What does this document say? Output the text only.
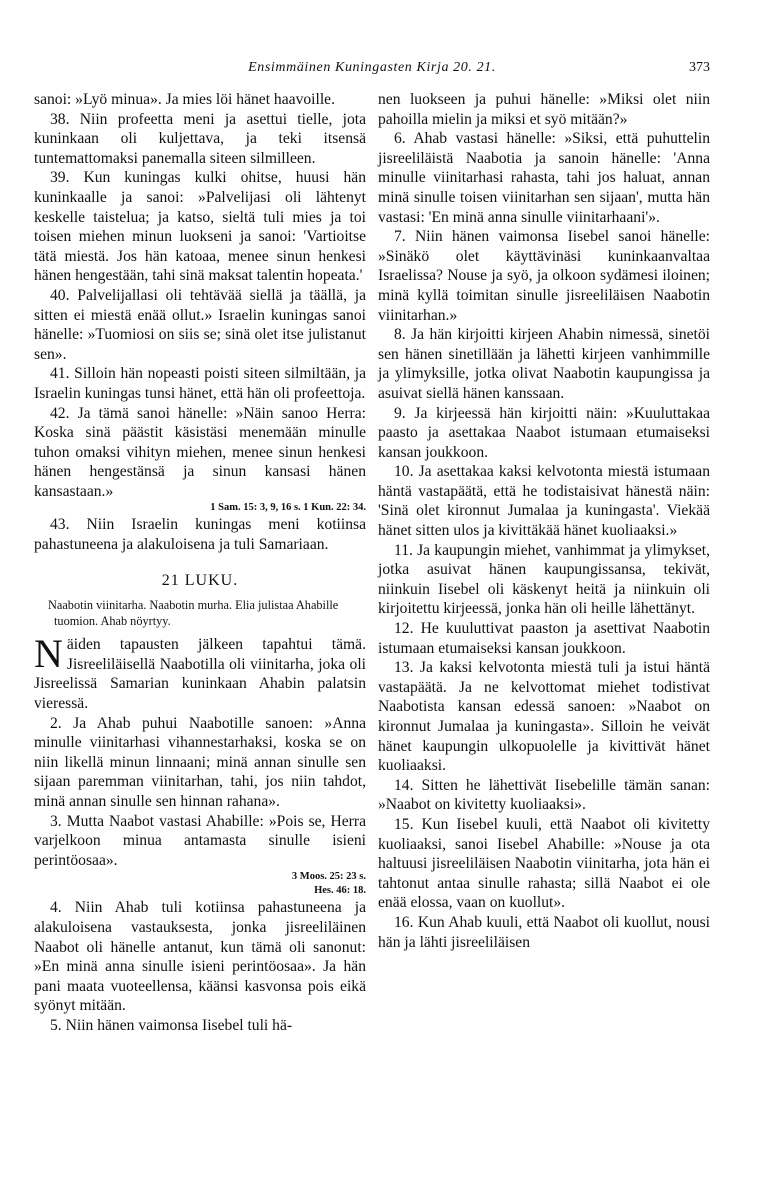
Ensimmäinen Kuningasten Kirja 20. 21.	373

sanoi: »Lyö minua». Ja mies löi hänet haavoille.

38. Niin profeetta meni ja asettui tielle, jota kuninkaan oli kuljettava, ja teki itsensä tuntemattomaksi panemalla siteen silmilleen.

39. Kun kuningas kulki ohitse, huusi hän kuninkaalle ja sanoi: »Palvelijasi oli lähtenyt keskelle taistelua; ja katso, sieltä tuli mies ja toi toisen miehen minun luokseni ja sanoi: 'Vartioitse tätä miestä. Jos hän katoaa, menee sinun henkesi hänen hengestään, tahi sinä maksat talentin hopeata.'

40. Palvelijallasi oli tehtävää siellä ja täällä, ja sitten ei miestä enää ollut.» Israelin kuningas sanoi hänelle: »Tuomiosi on siis se; sinä olet itse julistanut sen».

41. Silloin hän nopeasti poisti siteen silmiltään, ja Israelin kuningas tunsi hänet, että hän oli profeettoja.

42. Ja tämä sanoi hänelle: »Näin sanoo Herra: Koska sinä päästit käsistäsi menemään minulle tuhon omaksi vihityn miehen, menee sinun henkesi hänen hengestänsä ja sinun kansasi hänen kansastaan.»

1 Sam. 15: 3, 9, 16 s. 1 Kun. 22: 34.

43. Niin Israelin kuningas meni kotiinsa pahastuneena ja alakuloisena ja tuli Samariaan.

21 LUKU.

Naabotin viinitarha. Naabotin murha. Elia julistaa Ahabille tuomion. Ahab nöyrtyy.

Näiden tapausten jälkeen tapahtui tämä. Jisreeliläisellä Naabotilla oli viinitarha, joka oli Jisreelissä Samarian kuninkaan Ahabin palatsin vieressä.

2. Ja Ahab puhui Naabotille sanoen: »Anna minulle viinitarhasi vihannestarhaksi, koska se on niin likellä minun linnaani; minä annan sinulle sen sijaan paremman viinitarhan, tahi, jos niin tahdot, minä annan sinulle sen hinnan rahana».

3. Mutta Naabot vastasi Ahabille: »Pois se, Herra varjelkoon minua antamasta sinulle isieni perintöosaa».

3 Moos. 25: 23 s.

Hes. 46: 18.

4. Niin Ahab tuli kotiinsa pahastuneena ja alakuloisena vastauksesta, jonka jisreeliläinen Naabot oli hänelle antanut, kun tämä oli sanonut: »En minä anna sinulle isieni perintöosaa». Ja hän pani maata vuoteellensa, käänsi kasvonsa pois eikä syönyt mitään.

5. Niin hänen vaimonsa Iisebel tuli hä-

nen luokseen ja puhui hänelle: »Miksi olet niin pahoilla mielin ja miksi et syö mitään?»

6. Ahab vastasi hänelle: »Siksi, että puhuttelin jisreeliläistä Naabotia ja sanoin hänelle: 'Anna minulle viinitarhasi rahasta, tahi jos haluat, annan minä sinulle toisen viinitarhan sen sijaan', mutta hän vastasi: 'En minä anna sinulle viinitarhaani'».

7. Niin hänen vaimonsa Iisebel sanoi hänelle: »Sinäkö olet käyttävinäsi kuninkaanvaltaa Israelissa? Nouse ja syö, ja olkoon sydämesi iloinen; minä kyllä toimitan sinulle jisreeliläisen Naabotin viinitarhan.»

8. Ja hän kirjoitti kirjeen Ahabin nimessä, sinetöi sen hänen sinetillään ja lähetti kirjeen vanhimmille ja ylimyksille, jotka olivat Naabotin kaupungissa ja asuivat siellä hänen kanssaan.

9. Ja kirjeessä hän kirjoitti näin: »Kuuluttakaa paasto ja asettakaa Naabot istumaan etumaiseksi kansan joukkoon.

10. Ja asettakaa kaksi kelvotonta miestä istumaan häntä vastapäätä, että he todistaisivat hänestä näin: 'Sinä olet kironnut Jumalaa ja kuningasta'. Viekää hänet sitten ulos ja kivittäkää hänet kuoliaaksi.»

11. Ja kaupungin miehet, vanhimmat ja ylimykset, jotka asuivat hänen kaupungissansa, tekivät, niinkuin Iisebel oli käskenyt heitä ja niinkuin oli kirjoitettu kirjeessä, jonka hän oli heille lähettänyt.

12. He kuuluttivat paaston ja asettivat Naabotin istumaan etumaiseksi kansan joukkoon.

13. Ja kaksi kelvotonta miestä tuli ja istui häntä vastapäätä. Ja ne kelvottomat miehet todistivat Naabotista kansan edessä sanoen: »Naabot on kironnut Jumalaa ja kuningasta». Silloin he veivät hänet kaupungin ulkopuolelle ja kivittivät hänet kuoliaaksi.

14. Sitten he lähettivät Iisebelille tämän sanan: »Naabot on kivitetty kuoliaaksi».

15. Kun Iisebel kuuli, että Naabot oli kivitetty kuoliaaksi, sanoi Iisebel Ahabille: »Nouse ja ota haltuusi jisreeliläisen Naabotin viinitarha, jota hän ei tahtonut antaa sinulle rahasta; sillä Naabot ei ole enää elossa, vaan on kuollut».

16. Kun Ahab kuuli, että Naabot oli kuollut, nousi hän ja lähti jisreeliläisen
